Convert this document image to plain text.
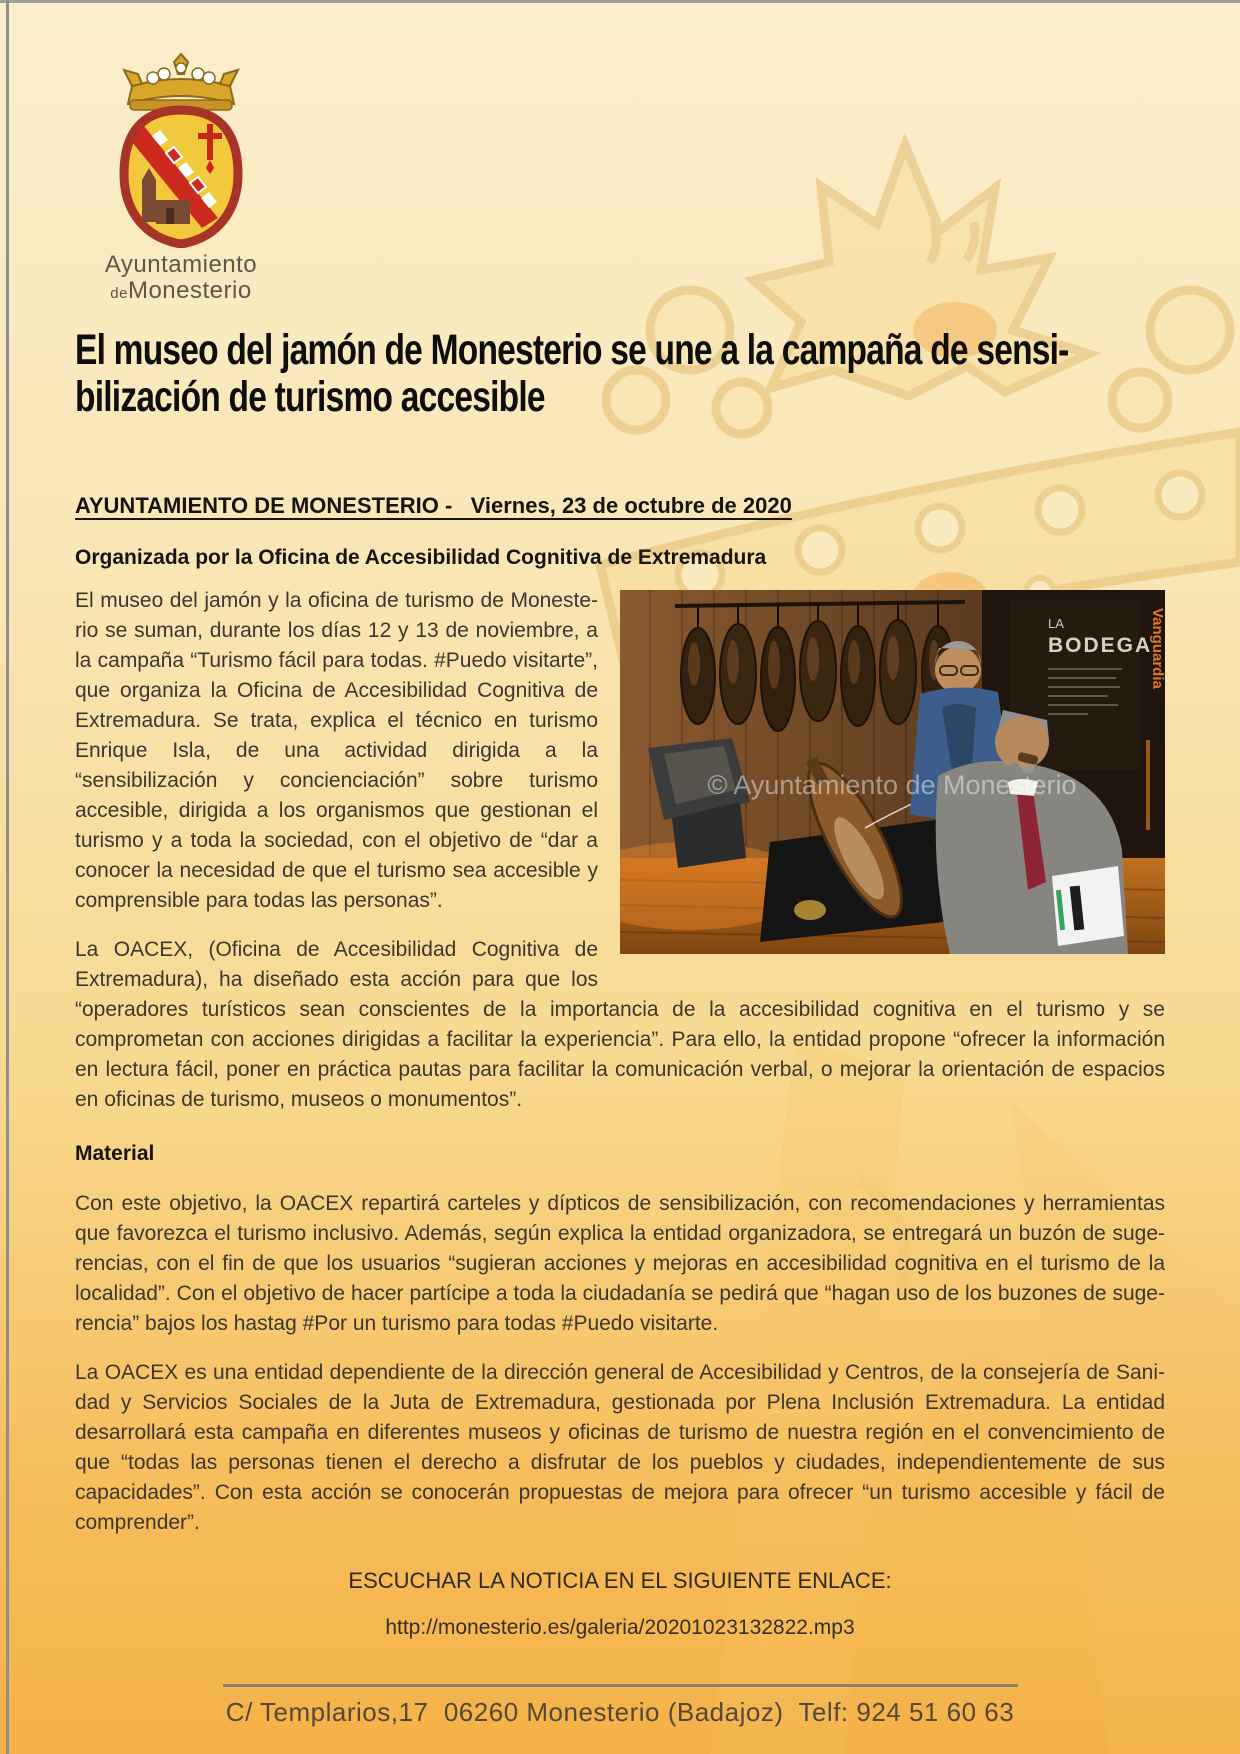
Ayuntamiento
deMonesterio
El museo del jamón de Monesterio se une a la campaña de sensi-
bilización de turismo accesible
AYUNTAMIENTO DE MONESTERIO -   Viernes, 23 de octubre de 2020
Organizada por la Oficina de Accesibilidad Cognitiva de Extremadura
LA
BODEGA
Vanguardia
© Ayuntamiento de Monesterio

El museo del jamón y la oficina de turismo de Monesterio se suman, durante los días 12 y 13 de noviembre, a la campaña “Turismo fácil para todas. #Puedo visitarte”, que organiza la Oficina de Accesibilidad Cognitiva de Extremadura. Se trata, explica el técnico en turismo Enrique Isla, de una actividad dirigida a la “sensibilización y concienciación” sobre turismo accesible, dirigida a los organismos que gestionan el turismo y a toda la sociedad, con el objetivo de “dar a conocer la necesidad de que el turismo sea accesible y comprensible para todas las personas”.

La OACEX, (Oficina de Accesibilidad Cognitiva de Extremadura), ha diseñado esta acción para que los “operadores turísticos sean conscientes de la importancia de la accesibilidad cognitiva en el turismo y se comprometan con acciones dirigidas a facilitar la experiencia”. Para ello, la entidad propone “ofrecer la información en lectura fácil, poner en práctica pautas para facilitar la comunicación verbal, o mejorar la orientación de espacios en oficinas de turismo, museos o monumentos”.

Material

Con este objetivo, la OACEX repartirá carteles y dípticos de sensibilización, con recomendaciones y herramientas que favorezca el turismo inclusivo. Además, según explica la entidad organizadora, se entregará un buzón de sugerencias, con el fin de que los usuarios “sugieran acciones y mejoras en accesibilidad cognitiva en el turismo de la localidad”. Con el objetivo de hacer partícipe a toda la ciudadanía se pedirá que “hagan uso de los buzones de sugerencia” bajos los hastag #Por un turismo para todas #Puedo visitarte.

La OACEX es una entidad dependiente de la dirección general de Accesibilidad y Centros, de la consejería de Sanidad y Servicios Sociales de la Juta de Extremadura, gestionada por Plena Inclusión Extremadura. La entidad desarrollará esta campaña en diferentes museos y oficinas de turismo de nuestra región en el convencimiento de que “todas las personas tienen el derecho a disfrutar de los pueblos y ciudades, independientemente de sus capacidades”. Con esta acción se conocerán propuestas de mejora para ofrecer “un turismo accesible y fácil de comprender”.

ESCUCHAR LA NOTICIA EN EL SIGUIENTE ENLACE:
http://monesterio.es/galeria/20201023132822.mp3
C/ Templarios,17  06260 Monesterio (Badajoz)  Telf: 924 51 60 63
